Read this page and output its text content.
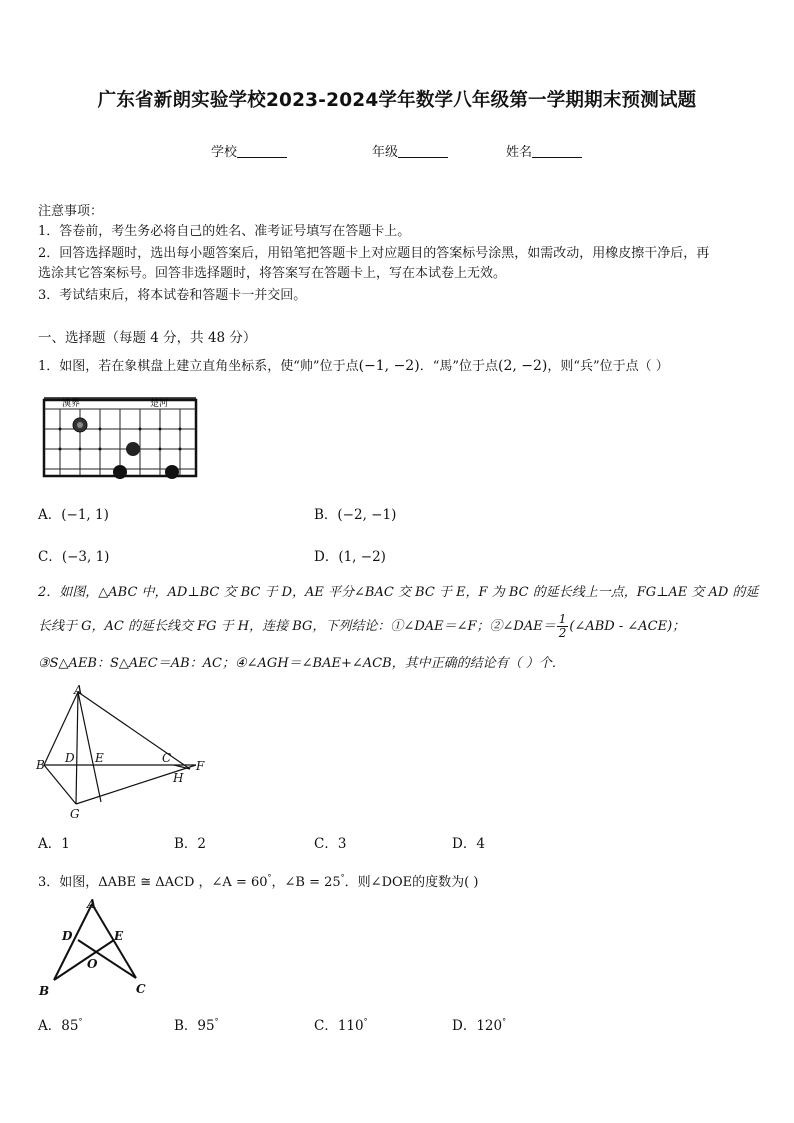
广东省新朗实验学校2023-2024学年数学八年级第一学期期末预测试题
学校	年级	姓名
注意事项：
1．答卷前，考生务必将自己的姓名、准考证号填写在答题卡上。
2．回答选择题时，选出每小题答案后，用铅笔把答题卡上对应题目的答案标号涂黑，如需改动，用橡皮擦干净后，再
选涂其它答案标号。回答非选择题时，将答案写在答题卡上，写在本试卷上无效。
3．考试结束后，将本试卷和答题卡一并交回。
一、选择题（每题 4 分，共 48 分）
1．如图，若在象棋盘上建立直角坐标系，使“帅”位于点(−1, −2)．“馬”位于点(2, −2)，则“兵”位于点（ ）
漢界	楚河
A．(−1, 1)	B．(−2, −1)
C．(−3, 1)	D．(1, −2)
2．如图，△ABC 中，AD⊥BC 交 BC 于 D，AE 平分∠BAC 交 BC 于 E，F 为 BC 的延长线上一点，FG⊥AE 交 AD 的延
长线于 G，AC 的延长线交 FG 于 H，连接 BG，下列结论：①∠DAE＝∠F；②∠DAE＝ $\frac{1}{2}$ (∠ABD - ∠ACE)；
③S△AEB：S△AEC＝AB：AC；④∠AGH＝∠BAE+∠ACB，其中正确的结论有（ ）个．
A
B D E	C
F
H
G
A．1	B．2	C．3	D．4
3．如图，ΔABE ≅ ΔACD ，∠A = 60°，∠B = 25°．则∠DOE的度数为( )
A
D	E
O
B	C
A．85°	B．95°	C．110°	D．120°
